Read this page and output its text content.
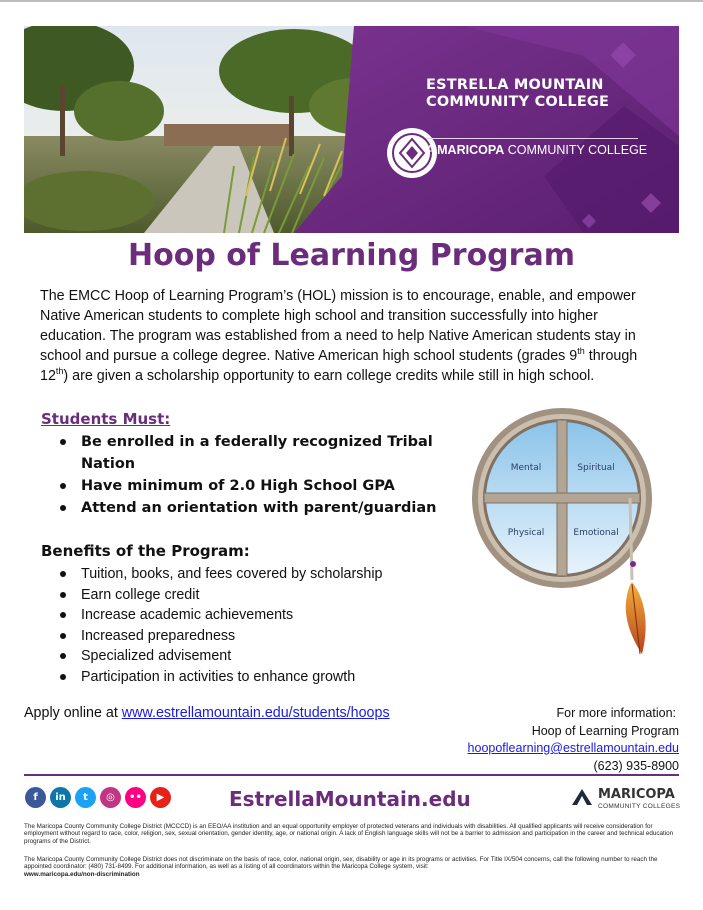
ESTRELLA MOUNTAIN
COMMUNITY COLLEGE
A MARICOPA COMMUNITY COLLEGE
Hoop of Learning Program
The EMCC Hoop of Learning Program’s (HOL) mission is to encourage, enable, and empower Native American students to complete high school and transition successfully into higher education. The program was established from a need to help Native American students stay in school and pursue a college degree. Native American high school students (grades 9th through 12th) are given a scholarship opportunity to earn college credits while still in high school.
Students Must:
Be enrolled in a federally recognized Tribal Nation
Have minimum of 2.0 High School GPA
Attend an orientation with parent/guardian
Benefits of the Program:
Tuition, books, and fees covered by scholarship
Earn college credit
Increase academic achievements
Increased preparedness
Specialized advisement
Participation in activities to enhance growth
Mental	Spiritual
Physical	Emotional
Apply online at www.estrellamountain.edu/students/hoops	For more information:
Hoop of Learning Program
hoopoflearning@estrellamountain.edu
(623) 935-8900
f	in	t	◎	••	▶	EstrellaMountain.edu	MARICOPA
COMMUNITY COLLEGES
The Maricopa County Community College District (MCCCD) is an EEO/AA institution and an equal opportunity employer of protected veterans and individuals with disabilities. All qualified applicants will receive consideration for employment without regard to race, color, religion, sex, sexual orientation, gender identity, age, or national origin. A lack of English language skills will not be a barrier to admission and participation in the career and technical education programs of the District.
The Maricopa County Community College District does not discriminate on the basis of race, color, national origin, sex, disability or age in its programs or activities. For Title IX/504 concerns, call the following number to reach the appointed coordinator: (480) 731-8499. For additional information, as well as a listing of all coordinators within the Maricopa College system, visit:
www.maricopa.edu/non-discrimination
